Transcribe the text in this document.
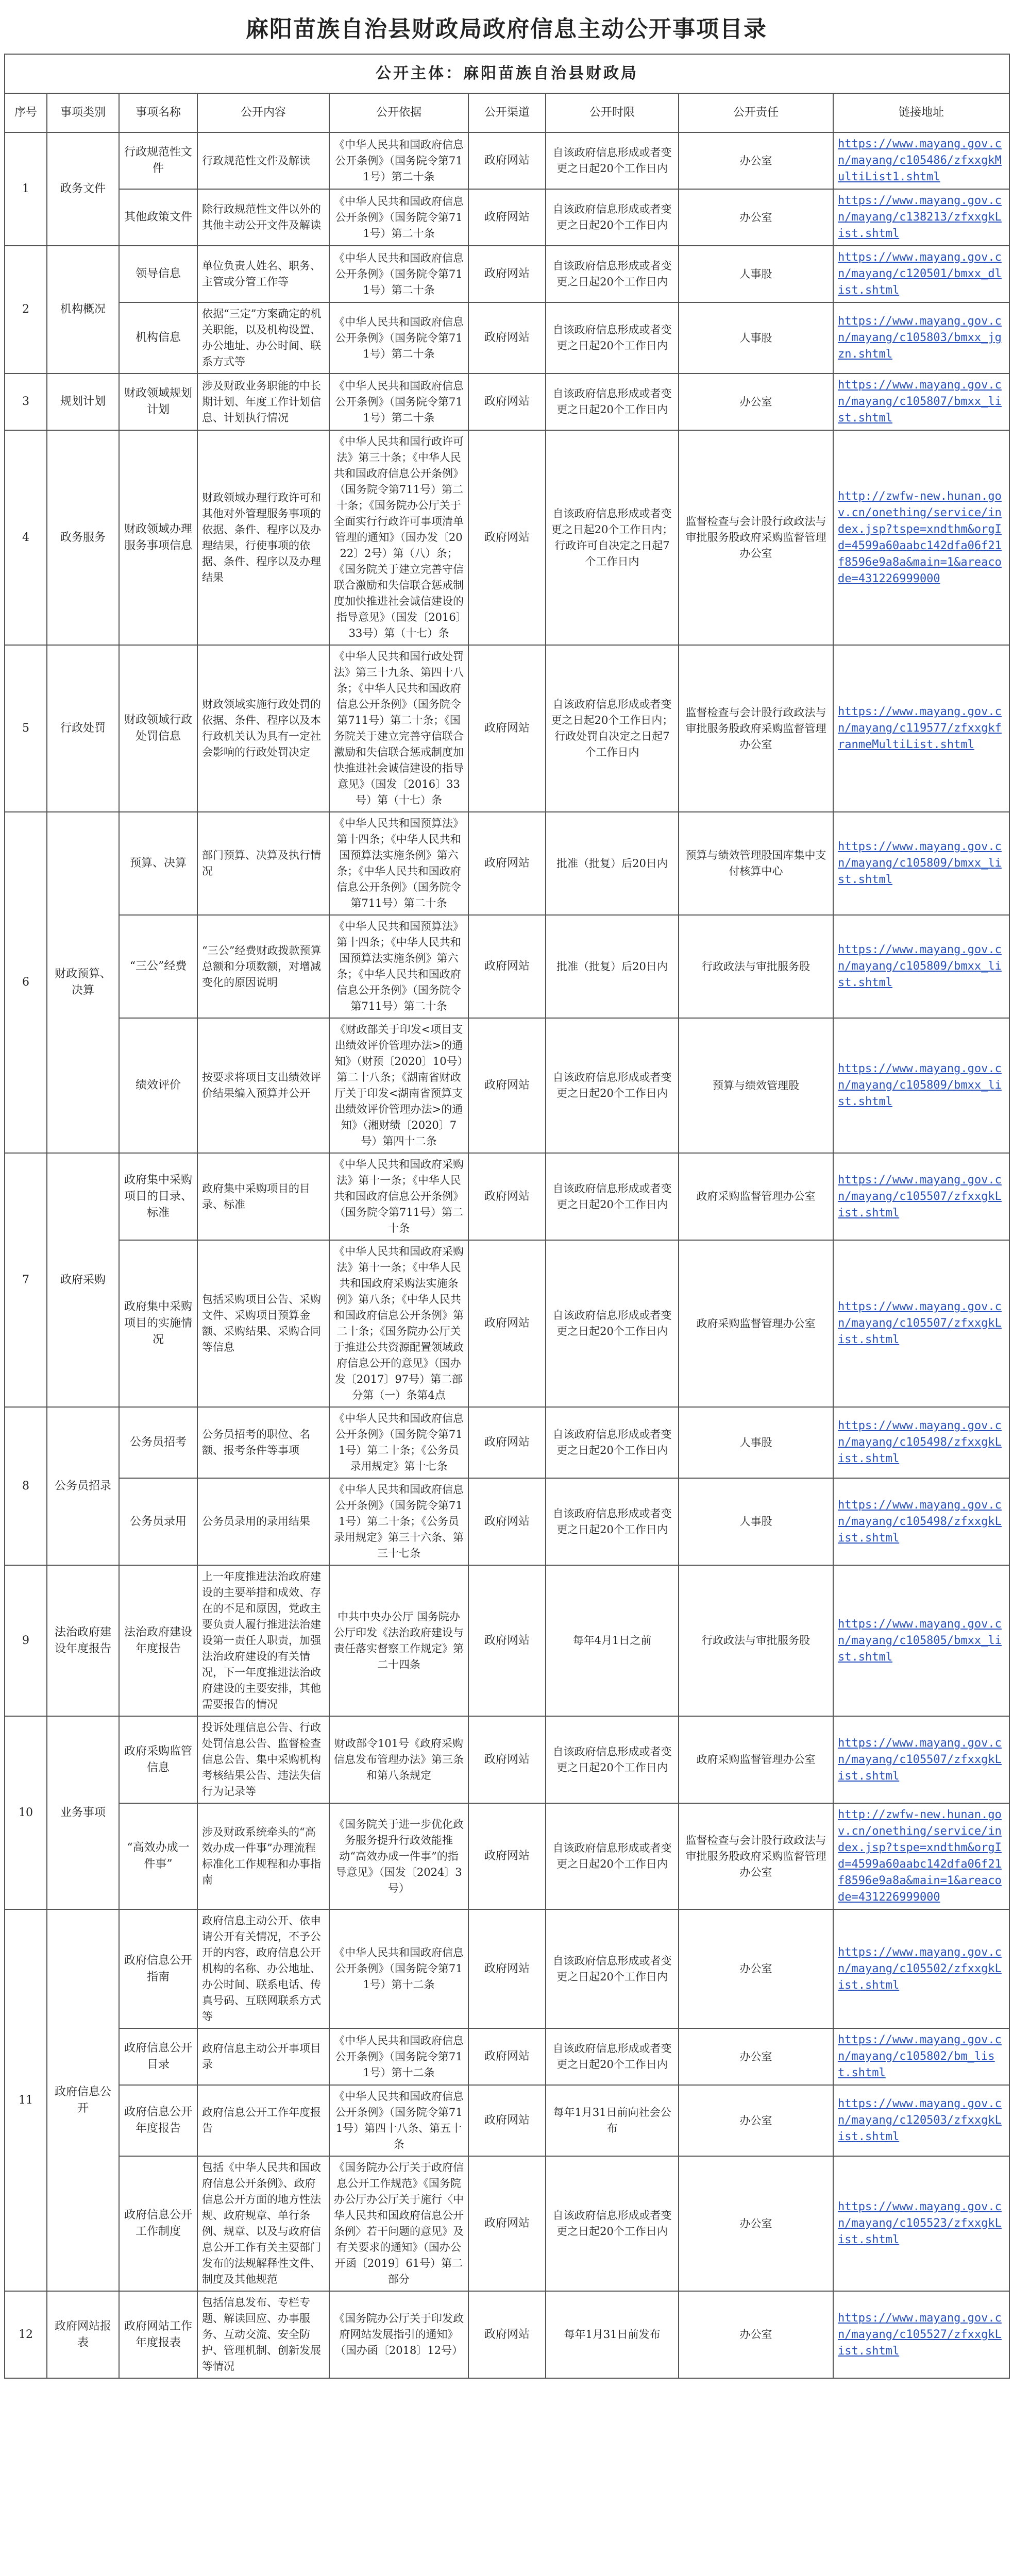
麻阳苗族自治县财政局政府信息主动公开事项目录
公开主体：麻阳苗族自治县财政局								
序号	事项类别	事项名称	公开内容	公开依据	公开渠道	公开时限	公开责任	链接地址
1	政务文件	行政规范性文件	行政规范性文件及解读	《中华人民共和国政府信息公开条例》（国务院令第711号）第二十条	政府网站	自该政府信息形成或者变更之日起20个工作日内	办公室	https://www.mayang.gov.cn/mayang/c105486/zfxxgkMultiList1.shtml
		其他政策文件	除行政规范性文件以外的其他主动公开文件及解读	《中华人民共和国政府信息公开条例》（国务院令第711号）第二十条	政府网站	自该政府信息形成或者变更之日起20个工作日内	办公室	https://www.mayang.gov.cn/mayang/c138213/zfxxgkList.shtml
2	机构概况	领导信息	单位负责人姓名、职务、主管或分管工作等	《中华人民共和国政府信息公开条例》（国务院令第711号）第二十条	政府网站	自该政府信息形成或者变更之日起20个工作日内	人事股	https://www.mayang.gov.cn/mayang/c120501/bmxx_dlist.shtml
		机构信息	依据“三定”方案确定的机关职能，以及机构设置、办公地址、办公时间、联系方式等	《中华人民共和国政府信息公开条例》（国务院令第711号）第二十条	政府网站	自该政府信息形成或者变更之日起20个工作日内	人事股	https://www.mayang.gov.cn/mayang/c105803/bmxx_jgzn.shtml
3	规划计划	财政领域规划计划	涉及财政业务职能的中长期计划、年度工作计划信息、计划执行情况	《中华人民共和国政府信息公开条例》（国务院令第711号）第二十条	政府网站	自该政府信息形成或者变更之日起20个工作日内	办公室	https://www.mayang.gov.cn/mayang/c105807/bmxx_list.shtml
4	政务服务	财政领域办理服务事项信息	财政领域办理行政许可和其他对外管理服务事项的依据、条件、程序以及办理结果，行使事项的依据、条件、程序以及办理结果	《中华人民共和国行政许可法》第三十条；《中华人民共和国政府信息公开条例》（国务院令第711号）第二十条；《国务院办公厅关于全面实行行政许可事项清单管理的通知》（国办发〔2022〕2号）第（八）条；《国务院关于建立完善守信联合激励和失信联合惩戒制度加快推进社会诚信建设的指导意见》（国发〔2016〕33号）第（十七）条	政府网站	自该政府信息形成或者变更之日起20个工作日内；行政许可自决定之日起7个工作日内	监督检查与会计股行政政法与审批服务股政府采购监督管理办公室	http://zwfw-new.hunan.gov.cn/onething/service/index.jsp?tspe=xndthm&orgId=4599a60aabc142dfa06f21f8596e9a8a&main=1&areacode=431226999000
5	行政处罚	财政领域行政处罚信息	财政领域实施行政处罚的依据、条件、程序以及本行政机关认为具有一定社会影响的行政处罚决定	《中华人民共和国行政处罚法》第三十九条、第四十八条；《中华人民共和国政府信息公开条例》（国务院令第711号）第二十条；《国务院关于建立完善守信联合激励和失信联合惩戒制度加快推进社会诚信建设的指导意见》（国发〔2016〕33号）第（十七）条	政府网站	自该政府信息形成或者变更之日起20个工作日内；行政处罚自决定之日起7个工作日内	监督检查与会计股行政政法与审批服务股政府采购监督管理办公室	https://www.mayang.gov.cn/mayang/c119577/zfxxgkfranmeMultiList.shtml
6	财政预算、决算	预算、决算	部门预算、决算及执行情况	《中华人民共和国预算法》第十四条；《中华人民共和国预算法实施条例》第六条；《中华人民共和国政府信息公开条例》（国务院令第711号）第二十条	政府网站	批准（批复）后20日内	预算与绩效管理股国库集中支付核算中心	https://www.mayang.gov.cn/mayang/c105809/bmxx_list.shtml
		“三公”经费	“三公”经费财政拨款预算总额和分项数额，对增减变化的原因说明	《中华人民共和国预算法》第十四条；《中华人民共和国预算法实施条例》第六条；《中华人民共和国政府信息公开条例》（国务院令第711号）第二十条	政府网站	批准（批复）后20日内	行政政法与审批服务股	https://www.mayang.gov.cn/mayang/c105809/bmxx_list.shtml
		绩效评价	按要求将项目支出绩效评价结果编入预算并公开	《财政部关于印发<项目支出绩效评价管理办法>的通知》（财预〔2020〕10号）第二十八条；《湖南省财政厅关于印发<湖南省预算支出绩效评价管理办法>的通知》（湘财绩〔2020〕7号）第四十二条	政府网站	自该政府信息形成或者变更之日起20个工作日内	预算与绩效管理股	https://www.mayang.gov.cn/mayang/c105809/bmxx_list.shtml
7	政府采购	政府集中采购项目的目录、标准	政府集中采购项目的目录、标准	《中华人民共和国政府采购法》第十一条；《中华人民共和国政府信息公开条例》（国务院令第711号）第二十条	政府网站	自该政府信息形成或者变更之日起20个工作日内	政府采购监督管理办公室	https://www.mayang.gov.cn/mayang/c105507/zfxxgkList.shtml
		政府集中采购项目的实施情况	包括采购项目公告、采购文件、采购项目预算金额、采购结果、采购合同等信息	《中华人民共和国政府采购法》第十一条；《中华人民共和国政府采购法实施条例》第八条；《中华人民共和国政府信息公开条例》第二十条；《国务院办公厅关于推进公共资源配置领域政府信息公开的意见》（国办发〔2017〕97号）第二部分第（一）条第4点	政府网站	自该政府信息形成或者变更之日起20个工作日内	政府采购监督管理办公室	https://www.mayang.gov.cn/mayang/c105507/zfxxgkList.shtml
8	公务员招录	公务员招考	公务员招考的职位、名额、报考条件等事项	《中华人民共和国政府信息公开条例》（国务院令第711号）第二十条；《公务员录用规定》第十七条	政府网站	自该政府信息形成或者变更之日起20个工作日内	人事股	https://www.mayang.gov.cn/mayang/c105498/zfxxgkList.shtml
		公务员录用	公务员录用的录用结果	《中华人民共和国政府信息公开条例》（国务院令第711号）第二十条；《公务员录用规定》第三十六条、第三十七条	政府网站	自该政府信息形成或者变更之日起20个工作日内	人事股	https://www.mayang.gov.cn/mayang/c105498/zfxxgkList.shtml
9	法治政府建设年度报告	法治政府建设年度报告	上一年度推进法治政府建设的主要举措和成效、存在的不足和原因，党政主要负责人履行推进法治建设第一责任人职责，加强法治政府建设的有关情况，下一年度推进法治政府建设的主要安排，其他需要报告的情况	中共中央办公厅 国务院办公厅印发《法治政府建设与责任落实督察工作规定》第二十四条	政府网站	每年4月1日之前	行政政法与审批服务股	https://www.mayang.gov.cn/mayang/c105805/bmxx_list.shtml
10	业务事项	政府采购监管信息	投诉处理信息公告、行政处罚信息公告、监督检查信息公告、集中采购机构考核结果公告、违法失信行为记录等	财政部令101号《政府采购信息发布管理办法》第三条和第八条规定	政府网站	自该政府信息形成或者变更之日起20个工作日内	政府采购监督管理办公室	https://www.mayang.gov.cn/mayang/c105507/zfxxgkList.shtml
		“高效办成一件事”	涉及财政系统牵头的“高效办成一件事”办理流程标准化工作规程和办事指南	《国务院关于进一步优化政务服务提升行政效能推动“高效办成一件事”的指导意见》（国发〔2024〕3号）	政府网站	自该政府信息形成或者变更之日起20个工作日内	监督检查与会计股行政政法与审批服务股政府采购监督管理办公室	http://zwfw-new.hunan.gov.cn/onething/service/index.jsp?tspe=xndthm&orgId=4599a60aabc142dfa06f21f8596e9a8a&main=1&areacode=431226999000
11	政府信息公开	政府信息公开指南	政府信息主动公开、依申请公开有关情况，不予公开的内容，政府信息公开机构的名称、办公地址、办公时间、联系电话、传真号码、互联网联系方式等	《中华人民共和国政府信息公开条例》（国务院令第711号）第十二条	政府网站	自该政府信息形成或者变更之日起20个工作日内	办公室	https://www.mayang.gov.cn/mayang/c105502/zfxxgkList.shtml
		政府信息公开目录	政府信息主动公开事项目录	《中华人民共和国政府信息公开条例》（国务院令第711号）第十二条	政府网站	自该政府信息形成或者变更之日起20个工作日内	办公室	https://www.mayang.gov.cn/mayang/c105802/bm_list.shtml
		政府信息公开年度报告	政府信息公开工作年度报告	《中华人民共和国政府信息公开条例》（国务院令第711号）第四十八条、第五十条	政府网站	每年1月31日前向社会公布	办公室	https://www.mayang.gov.cn/mayang/c120503/zfxxgkList.shtml
		政府信息公开工作制度	包括《中华人民共和国政府信息公开条例》、政府信息公开方面的地方性法规、政府规章、单行条例、规章、以及与政府信息公开工作有关主要部门发布的法规解释性文件、制度及其他规范	《国务院办公厅关于政府信息公开工作规范》《国务院办公厅办公厅关于施行〈中华人民共和国政府信息公开条例〉若干问题的意见》及有关要求的通知》（国办公开函〔2019〕61号）第二部分	政府网站	自该政府信息形成或者变更之日起20个工作日内	办公室	https://www.mayang.gov.cn/mayang/c105523/zfxxgkList.shtml
12	政府网站报表	政府网站工作年度报表	包括信息发布、专栏专题、解读回应、办事服务、互动交流、安全防护、管理机制、创新发展等情况	《国务院办公厅关于印发政府网站发展指引的通知》（国办函〔2018〕12号）	政府网站	每年1月31日前发布	办公室	https://www.mayang.gov.cn/mayang/c105527/zfxxgkList.shtml
